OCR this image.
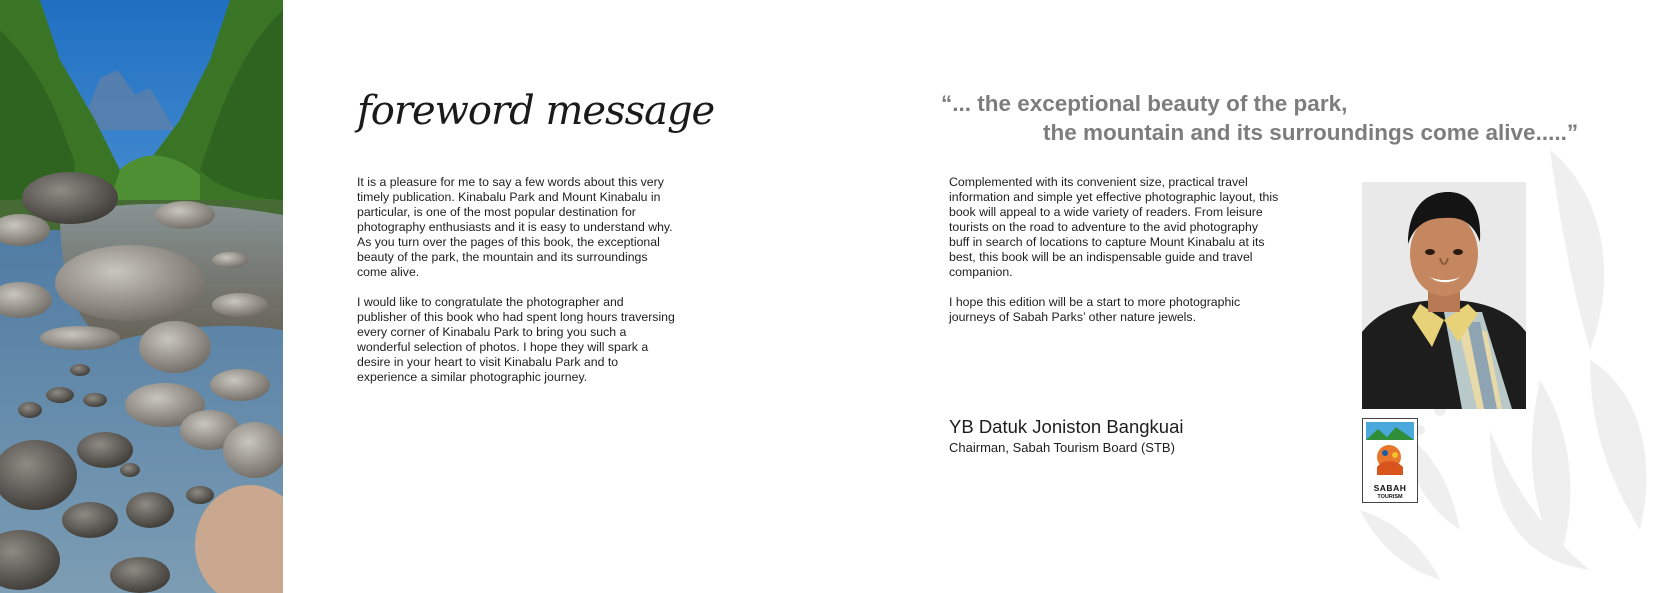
foreword message

It is a pleasure for me to say a few words about this very timely publication. Kinabalu Park and Mount Kinabalu in particular, is one of the most popular destination for photography enthusiasts and it is easy to understand why. As you turn over the pages of this book, the exceptional beauty of the park, the mountain and its surroundings come alive.

I would like to congratulate the photographer and publisher of this book who had spent long hours traversing every corner of Kinabalu Park to bring you such a wonderful selection of photos. I hope they will spark a desire in your heart to visit Kinabalu Park and to experience a similar photographic journey.

“... the exceptional beauty of the park,
the mountain and its surroundings come alive.....”

Complemented with its convenient size, practical travel information and simple yet effective photographic layout, this book will appeal to a wide variety of readers. From leisure tourists on the road to adventure to the avid photography buff in search of locations to capture Mount Kinabalu at its best, this book will be an indispensable guide and travel companion.

I hope this edition will be a start to more photographic journeys of Sabah Parks’ other nature jewels.

YB Datuk Joniston Bangkuai
Chairman, Sabah Tourism Board (STB)
SABAH
TOURISM
